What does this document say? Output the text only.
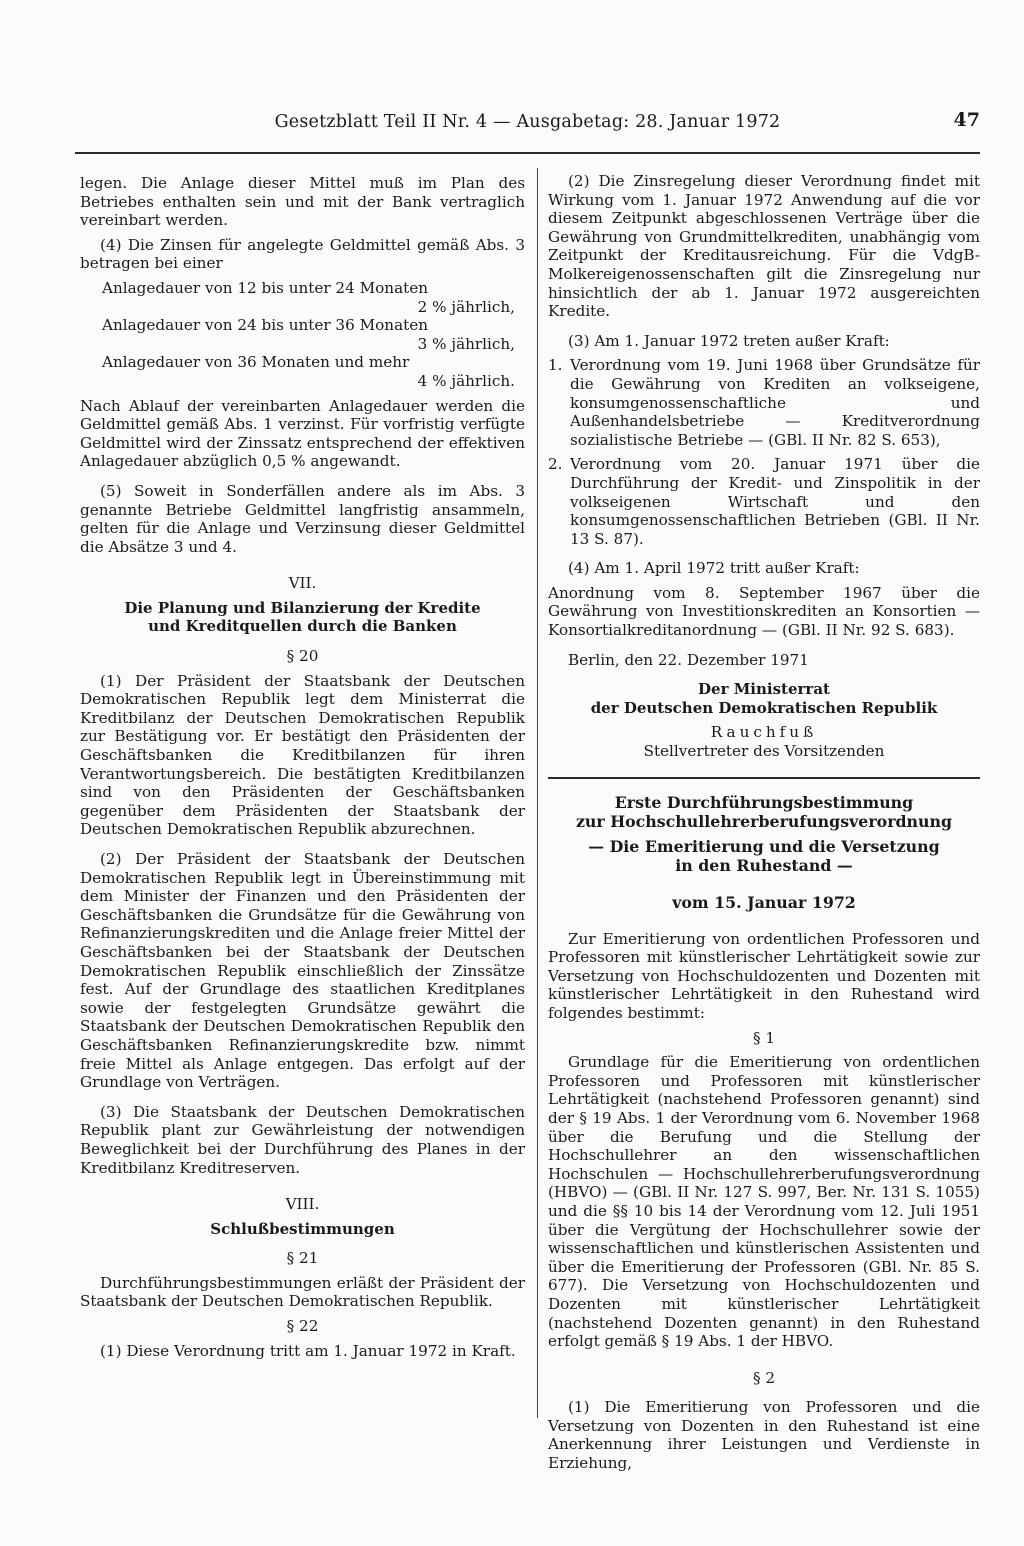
Gesetzblatt Teil II Nr. 4 — Ausgabetag: 28. Januar 1972	47

legen. Die Anlage dieser Mittel muß im Plan des Betriebes enthalten sein und mit der Bank vertraglich vereinbart werden.

(4) Die Zinsen für angelegte Geldmittel gemäß Abs. 3 betragen bei einer

Anlagedauer von 12 bis unter 24 Monaten
2 % jährlich,
Anlagedauer von 24 bis unter 36 Monaten
3 % jährlich,
Anlagedauer von 36 Monaten und mehr
4 % jährlich.

Nach Ablauf der vereinbarten Anlagedauer werden die Geldmittel gemäß Abs. 1 verzinst. Für vorfristig verfügte Geldmittel wird der Zinssatz entsprechend der effektiven Anlagedauer abzüglich 0,5 % angewandt.

(5) Soweit in Sonderfällen andere als im Abs. 3 genannte Betriebe Geldmittel langfristig ansammeln, gelten für die Anlage und Verzinsung dieser Geldmittel die Absätze 3 und 4.

VII.
Die Planung und Bilanzierung der Kredite
und Kreditquellen durch die Banken
§ 20

(1) Der Präsident der Staatsbank der Deutschen Demokratischen Republik legt dem Ministerrat die Kreditbilanz der Deutschen Demokratischen Republik zur Bestätigung vor. Er bestätigt den Präsidenten der Geschäftsbanken die Kreditbilanzen für ihren Verantwortungsbereich. Die bestätigten Kreditbilanzen sind von den Präsidenten der Geschäftsbanken gegenüber dem Präsidenten der Staatsbank der Deutschen Demokratischen Republik abzurechnen.

(2) Der Präsident der Staatsbank der Deutschen Demokratischen Republik legt in Übereinstimmung mit dem Minister der Finanzen und den Präsidenten der Geschäftsbanken die Grundsätze für die Gewährung von Refinanzierungskrediten und die Anlage freier Mittel der Geschäftsbanken bei der Staatsbank der Deutschen Demokratischen Republik einschließlich der Zinssätze fest. Auf der Grundlage des staatlichen Kreditplanes sowie der festgelegten Grundsätze gewährt die Staatsbank der Deutschen Demokratischen Republik den Geschäftsbanken Refinanzierungskredite bzw. nimmt freie Mittel als Anlage entgegen. Das erfolgt auf der Grundlage von Verträgen.

(3) Die Staatsbank der Deutschen Demokratischen Republik plant zur Gewährleistung der notwendigen Beweglichkeit bei der Durchführung des Planes in der Kreditbilanz Kreditreserven.

VIII.
Schlußbestimmungen
§ 21

Durchführungsbestimmungen erläßt der Präsident der Staatsbank der Deutschen Demokratischen Republik.

§ 22

(1) Diese Verordnung tritt am 1. Januar 1972 in Kraft.

(2) Die Zinsregelung dieser Verordnung findet mit Wirkung vom 1. Januar 1972 Anwendung auf die vor diesem Zeitpunkt abgeschlossenen Verträge über die Gewährung von Grundmittelkrediten, unabhängig vom Zeitpunkt der Kreditausreichung. Für die VdgB-Molkereigenossenschaften gilt die Zinsregelung nur hinsichtlich der ab 1. Januar 1972 ausgereichten Kredite.

(3) Am 1. Januar 1972 treten außer Kraft:

1. Verordnung vom 19. Juni 1968 über Grundsätze für die Gewährung von Krediten an volkseigene, konsumgenossenschaftliche und Außenhandelsbetriebe — Kreditverordnung sozialistische Betriebe — (GBl. II Nr. 82 S. 653),
2. Verordnung vom 20. Januar 1971 über die Durchführung der Kredit- und Zinspolitik in der volkseigenen Wirtschaft und den konsumgenossenschaftlichen Betrieben (GBl. II Nr. 13 S. 87).

(4) Am 1. April 1972 tritt außer Kraft:

Anordnung vom 8. September 1967 über die Gewährung von Investitionskrediten an Konsortien — Konsortialkreditanordnung — (GBl. II Nr. 92 S. 683).

Berlin, den 22. Dezember 1971

Der Ministerrat
der Deutschen Demokratischen Republik
Rauchfuß
Stellvertreter des Vorsitzenden
Erste Durchführungsbestimmung
zur Hochschullehrerberufungsverordnung
— Die Emeritierung und die Versetzung
in den Ruhestand —
vom 15. Januar 1972

Zur Emeritierung von ordentlichen Professoren und Professoren mit künstlerischer Lehrtätigkeit sowie zur Versetzung von Hochschuldozenten und Dozenten mit künstlerischer Lehrtätigkeit in den Ruhestand wird folgendes bestimmt:

§ 1

Grundlage für die Emeritierung von ordentlichen Professoren und Professoren mit künstlerischer Lehrtätigkeit (nachstehend Professoren genannt) sind der § 19 Abs. 1 der Verordnung vom 6. November 1968 über die Berufung und die Stellung der Hochschullehrer an den wissenschaftlichen Hochschulen — Hochschullehrerberufungsverordnung (HBVO) — (GBl. II Nr. 127 S. 997, Ber. Nr. 131 S. 1055) und die §§ 10 bis 14 der Verordnung vom 12. Juli 1951 über die Vergütung der Hochschullehrer sowie der wissenschaftlichen und künstlerischen Assistenten und über die Emeritierung der Professoren (GBl. Nr. 85 S. 677). Die Versetzung von Hochschuldozenten und Dozenten mit künstlerischer Lehrtätigkeit (nachstehend Dozenten genannt) in den Ruhestand erfolgt gemäß § 19 Abs. 1 der HBVO.

§ 2

(1) Die Emeritierung von Professoren und die Versetzung von Dozenten in den Ruhestand ist eine Anerkennung ihrer Leistungen und Verdienste in Erziehung,
